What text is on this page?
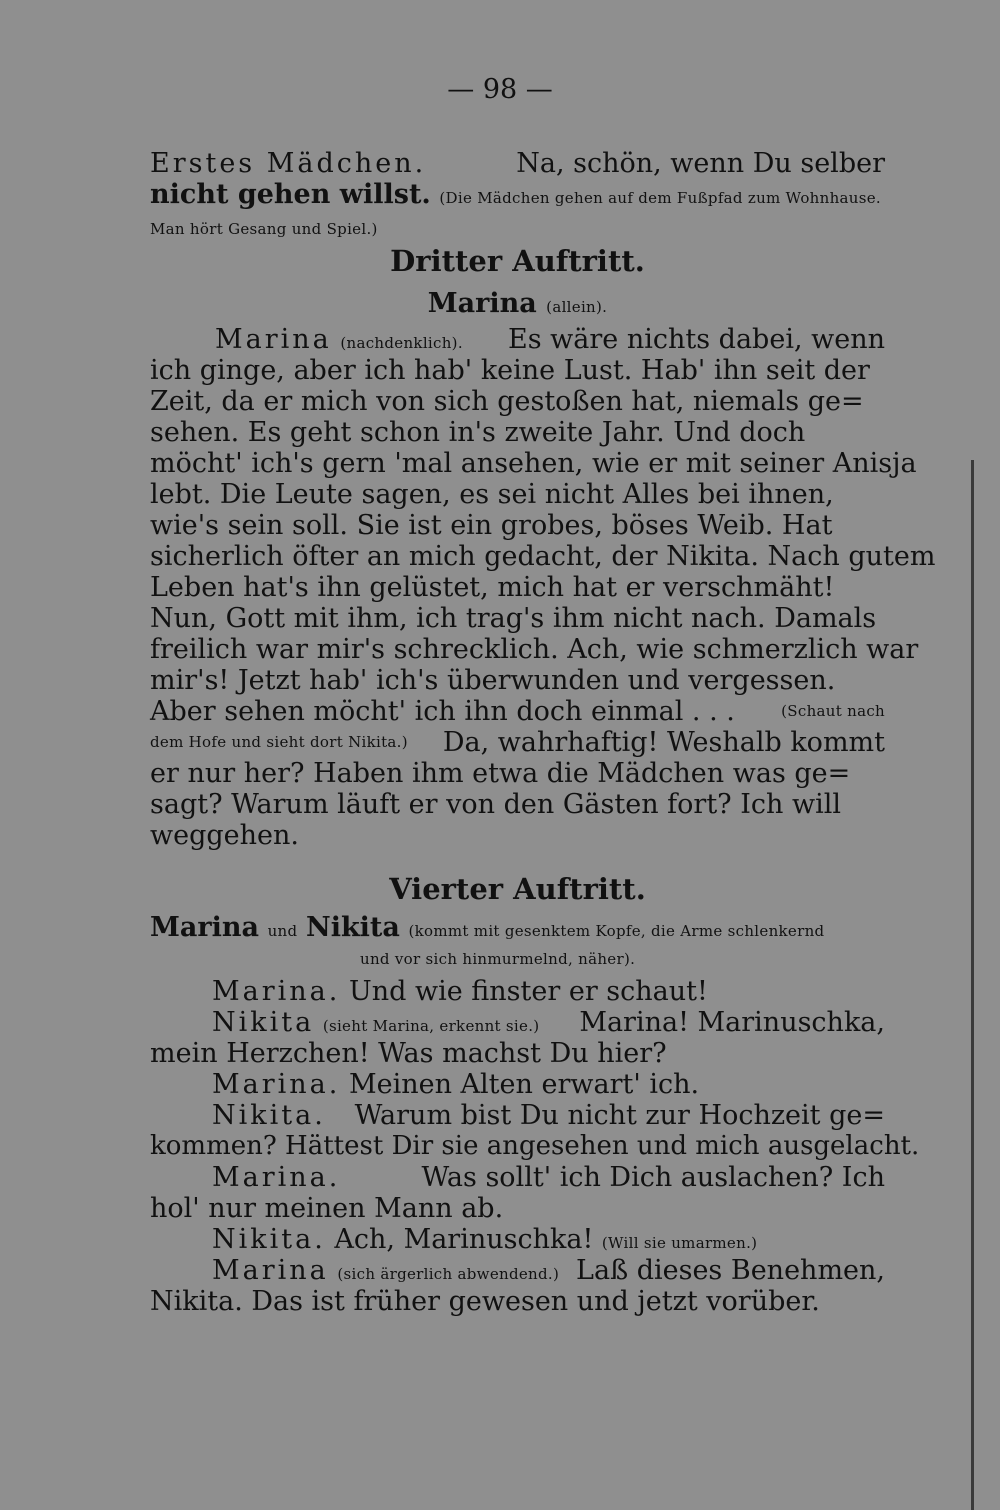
— 98 —
Erstes Mädchen.	Na, schön, wenn Du selber
nicht gehen willst. (Die Mädchen gehen auf dem Fußpfad zum Wohnhause.
Man hört Gesang und Spiel.)
Dritter Auftritt.
Marina (allein).
Marina (nachdenklich). Es wäre nichts dabei, wenn
ich ginge, aber ich hab' keine Lust. Hab' ihn seit der
Zeit, da er mich von sich gestoßen hat, niemals ge=
sehen. Es geht schon in's zweite Jahr. Und doch
möcht' ich's gern 'mal ansehen, wie er mit seiner Anisja
lebt. Die Leute sagen, es sei nicht Alles bei ihnen,
wie's sein soll. Sie ist ein grobes, böses Weib. Hat
sicherlich öfter an mich gedacht, der Nikita. Nach gutem
Leben hat's ihn gelüstet, mich hat er verschmäht!
Nun, Gott mit ihm, ich trag's ihm nicht nach. Damals
freilich war mir's schrecklich. Ach, wie schmerzlich war
mir's! Jetzt hab' ich's überwunden und vergessen.
Aber sehen möcht' ich ihn doch einmal . . .	(Schaut nach
dem Hofe und sieht dort Nikita.) Da, wahrhaftig! Weshalb kommt
er nur her? Haben ihm etwa die Mädchen was ge=
sagt? Warum läuft er von den Gästen fort? Ich will
weggehen.
Vierter Auftritt.
Marina und Nikita (kommt mit gesenktem Kopfe, die Arme schlenkernd
und vor sich hinmurmelnd, näher).
Marina. Und wie finster er schaut!
Nikita (sieht Marina, erkennt sie.) Marina! Marinuschka,
mein Herzchen! Was machst Du hier?
Marina. Meinen Alten erwart' ich.
Nikita. Warum bist Du nicht zur Hochzeit ge=
kommen? Hättest Dir sie angesehen und mich ausgelacht.
Marina.	Was sollt' ich Dich auslachen? Ich
hol' nur meinen Mann ab.
Nikita. Ach, Marinuschka! (Will sie umarmen.)
Marina (sich ärgerlich abwendend.) Laß dieses Benehmen,
Nikita. Das ist früher gewesen und jetzt vorüber.
